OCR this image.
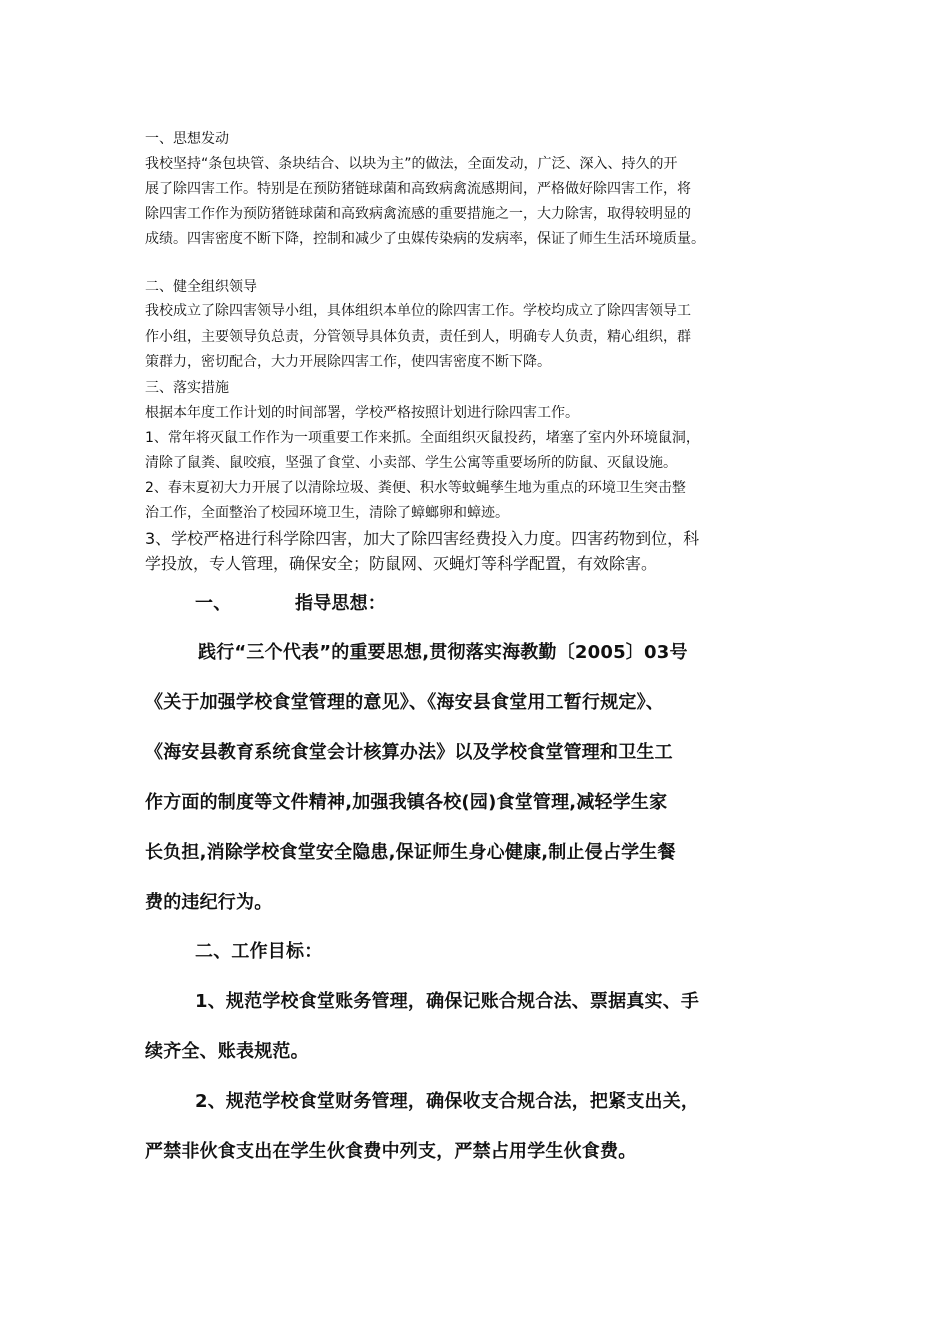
一、思想发动
我校坚持“条包块管、条块结合、以块为主”的做法，全面发动，广泛、深入、持久的开
展了除四害工作。特别是在预防猪链球菌和高致病禽流感期间，严格做好除四害工作，将
除四害工作作为预防猪链球菌和高致病禽流感的重要措施之一，大力除害，取得较明显的
成绩。四害密度不断下降，控制和减少了虫媒传染病的发病率，保证了师生生活环境质量。
二、健全组织领导
我校成立了除四害领导小组，具体组织本单位的除四害工作。学校均成立了除四害领导工
作小组，主要领导负总责，分管领导具体负责，责任到人，明确专人负责，精心组织，群
策群力，密切配合，大力开展除四害工作，使四害密度不断下降。
三、落实措施
根据本年度工作计划的时间部署，学校严格按照计划进行除四害工作。
1、常年将灭鼠工作作为一项重要工作来抓。全面组织灭鼠投药，堵塞了室内外环境鼠洞，
清除了鼠粪、鼠咬痕，坚强了食堂、小卖部、学生公寓等重要场所的防鼠、灭鼠设施。
2、春末夏初大力开展了以清除垃圾、粪便、积水等蚊蝇孳生地为重点的环境卫生突击整
治工作，全面整治了校园环境卫生，清除了蟑螂卵和蟑迹。
3、学校严格进行科学除四害，加大了除四害经费投入力度。四害药物到位，科
学投放，专人管理，确保安全；防鼠网、灭蝇灯等科学配置，有效除害。
一、	指导思想：
践行“三个代表”的重要思想,贯彻落实海教勤〔2005〕03号
《关于加强学校食堂管理的意见》、《海安县食堂用工暂行规定》、
《海安县教育系统食堂会计核算办法》以及学校食堂管理和卫生工
作方面的制度等文件精神,加强我镇各校(园)食堂管理,减轻学生家
长负担,消除学校食堂安全隐患,保证师生身心健康,制止侵占学生餐
费的违纪行为。
二、工作目标：
1、规范学校食堂账务管理，确保记账合规合法、票据真实、手
续齐全、账表规范。
2、规范学校食堂财务管理，确保收支合规合法，把紧支出关，
严禁非伙食支出在学生伙食费中列支，严禁占用学生伙食费。
